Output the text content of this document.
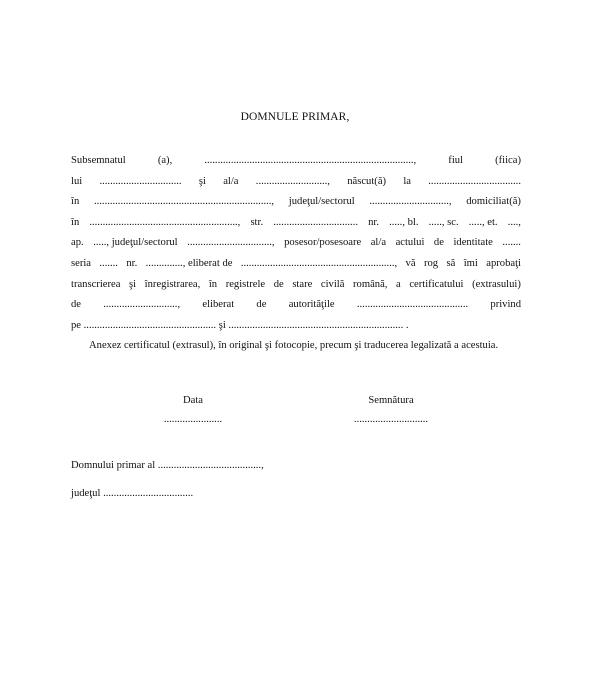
DOMNULE PRIMAR,
Subsemnatul	(a),	...............................................................................,	fiul	(fiica)
lui ............................... şi al/a ..........................., născut(ă) la ...................................
în ..................................................................., judeţul/sectorul .............................., domiciliat(ă)
în ........................................................, str. ................................ nr. ....., bl. ....., sc. ....., et. ....,
ap. ....., judeţul/sectorul ................................, posesor/posesoare al/a actului de identitate .......
seria ....... nr. .............., eliberat de .........................................................., vă rog să îmi aprobaţi
transcrierea şi înregistrarea, în registrele de stare civilă română, a certificatului (extrasului)
de ............................, eliberat de autorităţile .......................................... privind

pe .................................................. şi .................................................................. .

Anexez certificatul (extrasul), în original şi fotocopie, precum şi traducerea legalizată a acestuia.

Data
......................
Semnătura
............................
Domnului primar al .......................................,
judeţul ..................................
